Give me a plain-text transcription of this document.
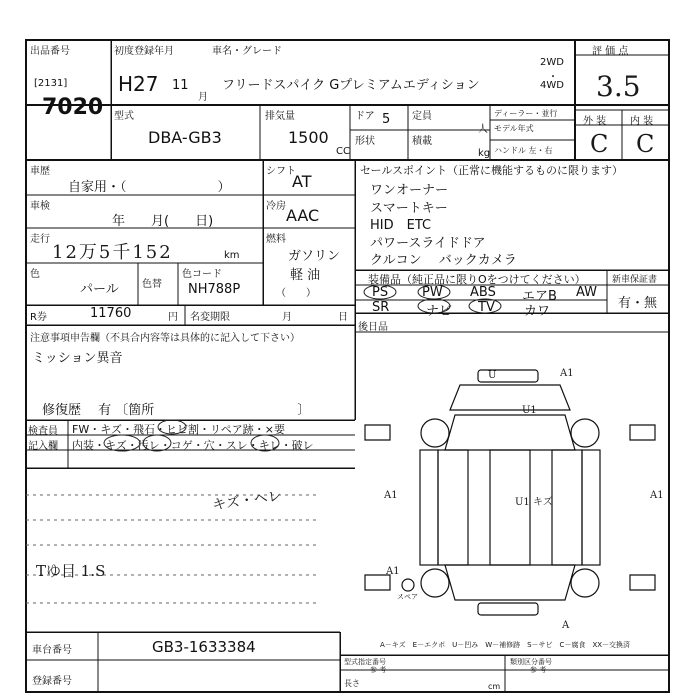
出品番号
[2131]
7020
初度登録年月
H27 11
月
車名・グレード
フリードスパイク Gプレミアムエディション
2WD
・
4WD
評 価 点
3.5
外 装 内 装
C C
型式
DBA-GB3
排気量
1500
CC
ドア 5
形状
定員
人
積載
kg
ディーラー・並行
モデル年式
ハンドル 左・右
車歴
自家用・（　　　　　　　）
車検
年　　月(　　日)
走行
12万5千152	km
色
パール 色替
色コード
NH788P
R券	11760	円 名変期限	月	日
シフト
AT
冷房 AAC
燃料
ガソリン
軽 油
（　　）
セールスポイント（正常に機能するものに限ります）
ワンオーナー
スマートキー
HID　ETC
パワースライドドア
クルコン　 バックカメラ
装備品（純正品に限りOをつけてください）
PS	PW ABS エアB AW
SR	ナビ TV カワ
新車保証書
有・無
後日品
注意事項申告欄（不具合内容等は具体的に記入して下さい）
ミッション異音
修復歴　 有 〔箇所　　　　　　　　　　　〕
検査員
記入欄
FW・キズ・飛石・ヒビ割・リペア跡・×要
内装・キズ・汚レ・コゲ・穴・スレ・キレ・破レ
キズ・ヘレ
Tゆ目 1.S
U	A1
U1
A1
U1 キズ
A1
A1
A
スペア
A－キズ　E－エクボ　U－凹み　W－補修跡　S－サビ　C－腐食　XX－交換済
車台番号	GB3-1633384
登録番号
型式指定番号	類別区分番号
参 考	参 考
長さ	cm
